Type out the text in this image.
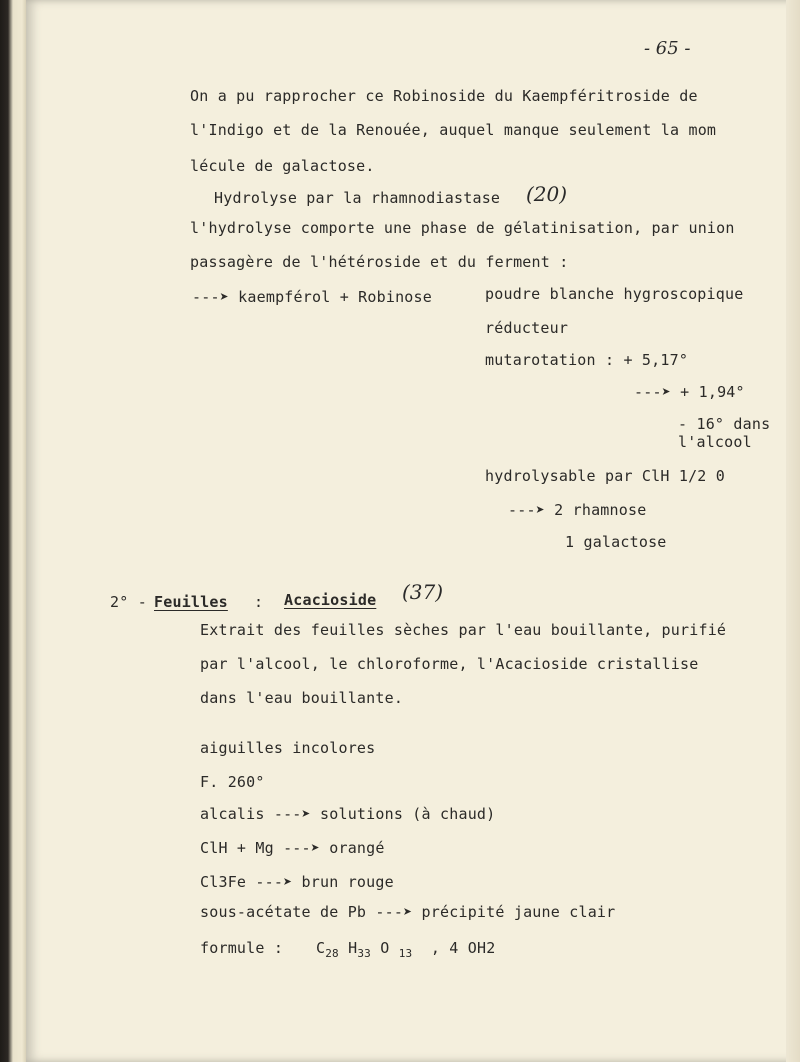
- 65 -
On a pu rapprocher ce Robinoside du Kaempféritroside de
l'Indigo et de la Renouée, auquel manque seulement la mom
lécule de galactose.
Hydrolyse par la rhamnodiastase (20)
l'hydrolyse comporte une phase de gélatinisation, par union
passagère de l'hétéroside et du ferment :
---➤ kaempférol + Robinose	poudre blanche hygroscopique
réducteur
mutarotation : + 5,17°
---➤ + 1,94°
- 16° dans
l'alcool
hydrolysable par ClH 1/2 0
---➤ 2 rhamnose
1 galactose
2° - Feuilles : Acacioside (37)
Extrait des feuilles sèches par l'eau bouillante, purifié
par l'alcool, le chloroforme, l'Acacioside cristallise
dans l'eau bouillante.
aiguilles incolores
F. 260°
alcalis ---➤ solutions (à chaud)
ClH + Mg ---➤ orangé
Cl3Fe ---➤ brun rouge
sous-acétate de Pb ---➤ précipité jaune clair
formule : $C_{28}$ $H_{33}$ O $_{13}$ , 4 OH2
